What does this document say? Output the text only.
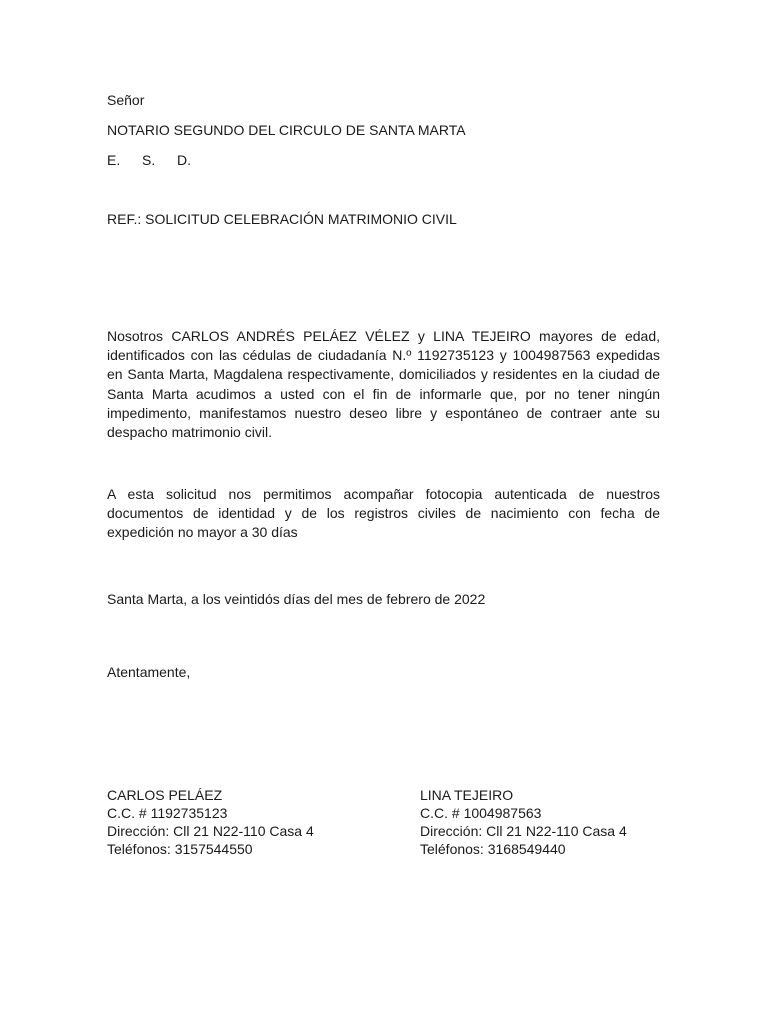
Señor
NOTARIO SEGUNDO DEL CIRCULO DE SANTA MARTA
E. S. D.
REF.: SOLICITUD CELEBRACIÓN MATRIMONIO CIVIL
Nosotros CARLOS ANDRÉS PELÁEZ VÉLEZ y LINA TEJEIRO mayores de edad, identificados con las cédulas de ciudadanía N.º 1192735123 y 1004987563 expedidas en Santa Marta, Magdalena respectivamente, domiciliados y residentes en la ciudad de Santa Marta acudimos a usted con el fin de informarle que, por no tener ningún impedimento, manifestamos nuestro deseo libre y espontáneo de contraer ante su despacho matrimonio civil.
A esta solicitud nos permitimos acompañar fotocopia autenticada de nuestros documentos de identidad y de los registros civiles de nacimiento con fecha de expedición no mayor a 30 días
Santa Marta, a los veintidós días del mes de febrero de 2022
Atentamente,
CARLOS PELÁEZ
C.C. # 1192735123
Dirección: Cll 21 N22-110 Casa 4
Teléfonos: 3157544550
LINA TEJEIRO
C.C. # 1004987563
Dirección: Cll 21 N22-110 Casa 4
Teléfonos: 3168549440
